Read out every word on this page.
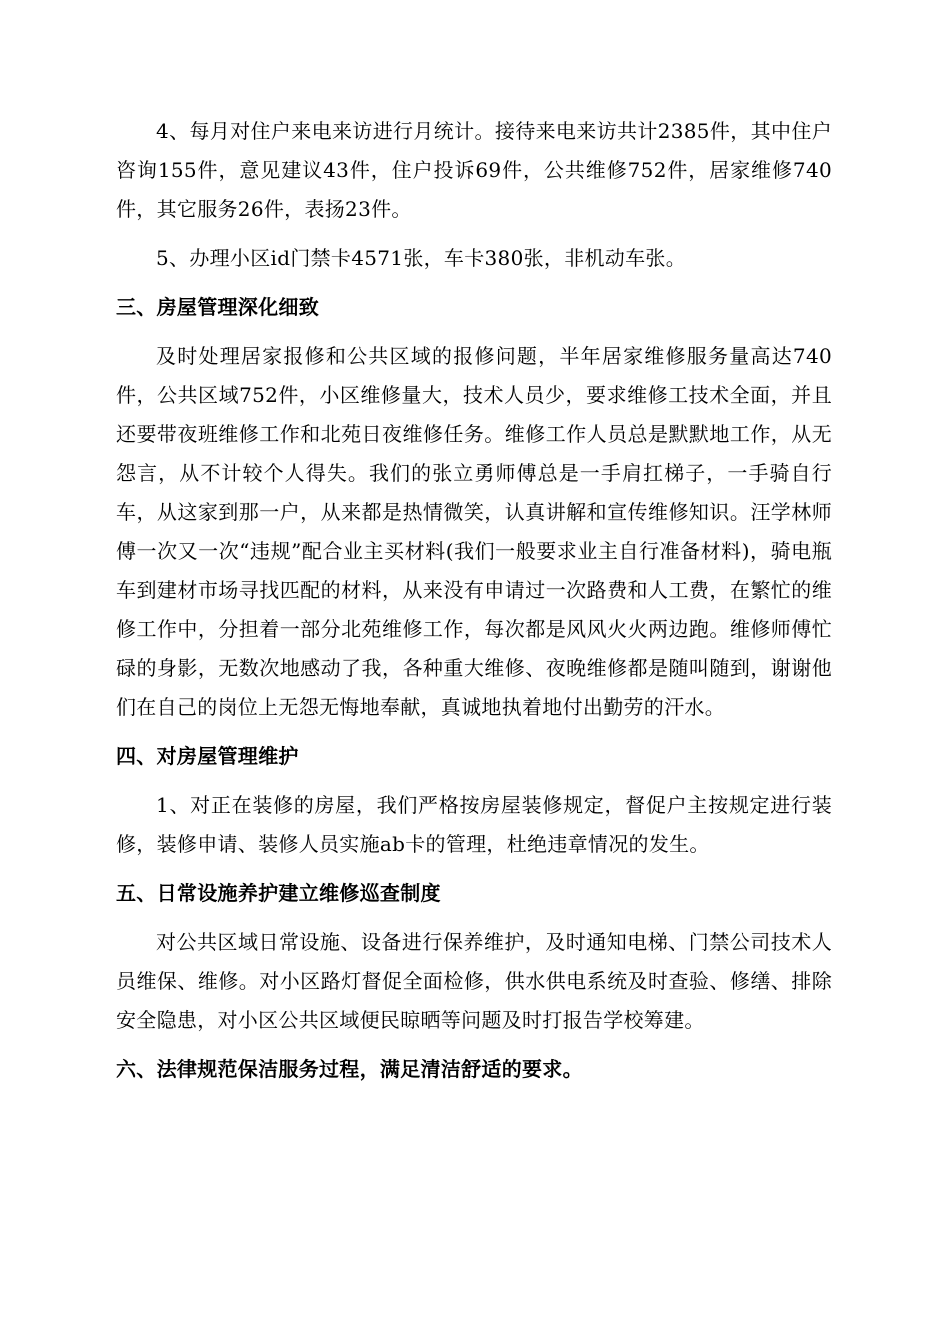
4、每月对住户来电来访进行月统计。接待来电来访共计2385件，其中住户咨询155件，意见建议43件，住户投诉69件，公共维修752件，居家维修740件，其它服务26件，表扬23件。

5、办理小区id门禁卡4571张，车卡380张，非机动车张。

三、房屋管理深化细致

及时处理居家报修和公共区域的报修问题，半年居家维修服务量高达740件，公共区域752件，小区维修量大，技术人员少，要求维修工技术全面，并且还要带夜班维修工作和北苑日夜维修任务。维修工作人员总是默默地工作，从无怨言，从不计较个人得失。我们的张立勇师傅总是一手肩扛梯子，一手骑自行车，从这家到那一户，从来都是热情微笑，认真讲解和宣传维修知识。汪学林师傅一次又一次“违规”配合业主买材料(我们一般要求业主自行准备材料)，骑电瓶车到建材市场寻找匹配的材料，从来没有申请过一次路费和人工费，在繁忙的维修工作中，分担着一部分北苑维修工作，每次都是风风火火两边跑。维修师傅忙碌的身影，无数次地感动了我，各种重大维修、夜晚维修都是随叫随到，谢谢他们在自己的岗位上无怨无悔地奉献，真诚地执着地付出勤劳的汗水。

四、对房屋管理维护

1、对正在装修的房屋，我们严格按房屋装修规定，督促户主按规定进行装修，装修申请、装修人员实施ab卡的管理，杜绝违章情况的发生。

五、日常设施养护建立维修巡查制度

对公共区域日常设施、设备进行保养维护，及时通知电梯、门禁公司技术人员维保、维修。对小区路灯督促全面检修，供水供电系统及时查验、修缮、排除安全隐患，对小区公共区域便民晾晒等问题及时打报告学校筹建。

六、法律规范保洁服务过程，满足清洁舒适的要求。
